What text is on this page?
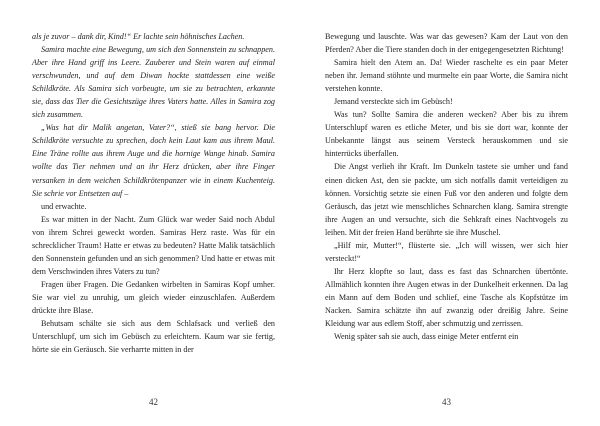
als je zuvor – dank dir, Kind!“ Er lachte sein höhnisches Lachen.

Samira machte eine Bewegung, um sich den Sonnenstein zu schnappen. Aber ihre Hand griff ins Leere. Zauberer und Stein waren auf einmal verschwunden, und auf dem Diwan hockte stattdessen eine weiße Schildkröte. Als Samira sich vorbeugte, um sie zu betrachten, erkannte sie, dass das Tier die Gesichtszüge ihres Vaters hatte. Alles in Samira zog sich zusammen.

„Was hat dir Malik angetan, Vater?“, stieß sie bang hervor. Die Schildkröte versuchte zu sprechen, doch kein Laut kam aus ihrem Maul. Eine Träne rollte aus ihrem Auge und die hornige Wange hinab. Samira wollte das Tier nehmen und an ihr Herz drücken, aber ihre Finger versanken in dem weichen Schildkrötenpanzer wie in einem Kuchenteig. Sie schrie vor Entsetzen auf –

und erwachte.

Es war mitten in der Nacht. Zum Glück war weder Said noch Abdul von ihrem Schrei geweckt worden. Samiras Herz raste. Was für ein schrecklicher Traum! Hatte er etwas zu bedeuten? Hatte Malik tatsächlich den Sonnenstein gefunden und an sich genommen? Und hatte er etwas mit dem Verschwinden ihres Vaters zu tun?

Fragen über Fragen. Die Gedanken wirbelten in Samiras Kopf umher. Sie war viel zu unruhig, um gleich wieder einzuschlafen. Außerdem drückte ihre Blase.

Behutsam schälte sie sich aus dem Schlafsack und verließ den Unterschlupf, um sich im Gebüsch zu erleichtern. Kaum war sie fertig, hörte sie ein Geräusch. Sie verharrte mitten in der

Bewegung und lauschte. Was war das gewesen? Kam der Laut von den Pferden? Aber die Tiere standen doch in der entgegengesetzten Richtung!

Samira hielt den Atem an. Da! Wieder raschelte es ein paar Meter neben ihr. Jemand stöhnte und murmelte ein paar Worte, die Samira nicht verstehen konnte.

Jemand versteckte sich im Gebüsch!

Was tun? Sollte Samira die anderen wecken? Aber bis zu ihrem Unterschlupf waren es etliche Meter, und bis sie dort war, konnte der Unbekannte längst aus seinem Versteck herauskommen und sie hinterrücks überfallen.

Die Angst verlieh ihr Kraft. Im Dunkeln tastete sie umher und fand einen dicken Ast, den sie packte, um sich notfalls damit verteidigen zu können. Vorsichtig setzte sie einen Fuß vor den anderen und folgte dem Geräusch, das jetzt wie menschliches Schnarchen klang. Samira strengte ihre Augen an und versuchte, sich die Sehkraft eines Nachtvogels zu leihen. Mit der freien Hand berührte sie ihre Muschel.

„Hilf mir, Mutter!“, flüsterte sie. „Ich will wissen, wer sich hier versteckt!“

Ihr Herz klopfte so laut, dass es fast das Schnarchen übertönte. Allmählich konnten ihre Augen etwas in der Dunkelheit erkennen. Da lag ein Mann auf dem Boden und schlief, eine Tasche als Kopfstütze im Nacken. Samira schätzte ihn auf zwanzig oder dreißig Jahre. Seine Kleidung war aus edlem Stoff, aber schmutzig und zerrissen.

Wenig später sah sie auch, dass einige Meter entfernt ein

42	43
